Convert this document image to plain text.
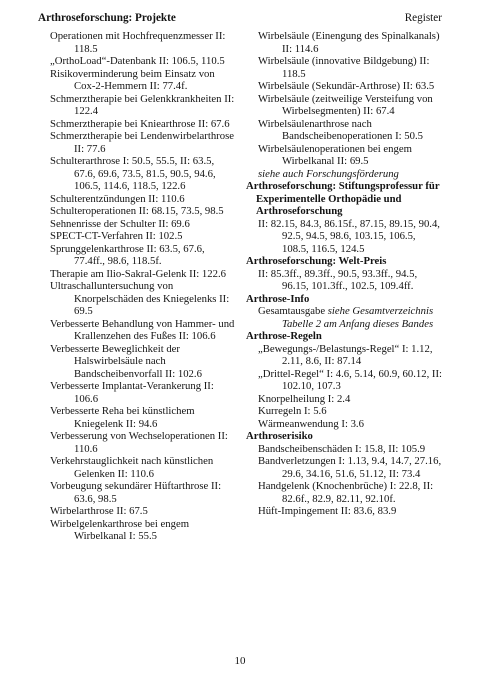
Arthroseforschung: Projekte	Register
Operationen mit Hochfrequenzmesser II: 118.5
„OrthoLoad“-Datenbank II: 106.5, 110.5
Risikoverminderung beim Einsatz von Cox-2-Hemmern II: 77.4f.
Schmerztherapie bei Gelenkkrankheiten II: 122.4
Schmerztherapie bei Kniearthrose II: 67.6
Schmerztherapie bei Lendenwirbelarthrose II: 77.6
Schulterarthrose I: 50.5, 55.5, II: 63.5, 67.6, 69.6, 73.5, 81.5, 90.5, 94.6, 106.5, 114.6, 118.5, 122.6
Schulterentzündungen II: 110.6
Schulteroperationen II: 68.15, 73.5, 98.5
Sehnenrisse der Schulter II: 69.6
SPECT-CT-Verfahren II: 102.5
Sprunggelenkarthrose II: 63.5, 67.6, 77.4ff., 98.6, 118.5f.
Therapie am Ilio-Sakral-Gelenk II: 122.6
Ultraschalluntersuchung von Knorpelschäden des Kniegelenks II: 69.5
Verbesserte Behandlung von Hammer- und Krallenzehen des Fußes II: 106.6
Verbesserte Beweglichkeit der Halswirbelsäule nach Bandscheibenvorfall II: 102.6
Verbesserte Implantat-Verankerung II: 106.6
Verbesserte Reha bei künstlichem Kniegelenk II: 94.6
Verbesserung von Wechseloperationen II: 110.6
Verkehrstauglichkeit nach künstlichen Gelenken II: 110.6
Vorbeugung sekundärer Hüftarthrose II: 63.6, 98.5
Wirbelarthrose II: 67.5
Wirbelgelenkarthrose bei engem Wirbelkanal I: 55.5
Wirbelsäule (Einengung des Spinalkanals) II: 114.6
Wirbelsäule (innovative Bildgebung) II: 118.5
Wirbelsäule (Sekundär-Arthrose) II: 63.5
Wirbelsäule (zeitweilige Versteifung von Wirbelsegmenten) II: 67.4
Wirbelsäulenarthrose nach Bandscheibenoperationen I: 50.5
Wirbelsäulenoperationen bei engem Wirbelkanal II: 69.5
siehe auch Forschungsförderung
Arthroseforschung: Stiftungsprofessur für Experimentelle Orthopädie und Arthroseforschung
II: 82.15, 84.3, 86.15f., 87.15, 89.15, 90.4, 92.5, 94.5, 98.6, 103.15, 106.5, 108.5, 116.5, 124.5
Arthroseforschung: Welt-Preis
II: 85.3ff., 89.3ff., 90.5, 93.3ff., 94.5, 96.15, 101.3ff., 102.5, 109.4ff.
Arthrose-Info
Gesamtausgabe siehe Gesamtverzeichnis Tabelle 2 am Anfang dieses Bandes
Arthrose-Regeln
„Bewegungs-/Belastungs-Regel“ I: 1.12, 2.11, 8.6, II: 87.14
„Drittel-Regel“ I: 4.6, 5.14, 60.9, 60.12, II: 102.10, 107.3
Knorpelheilung I: 2.4
Kurregeln I: 5.6
Wärmeanwendung I: 3.6
Arthroserisiko
Bandscheibenschäden I: 15.8, II: 105.9
Bandverletzungen I: 1.13, 9.4, 14.7, 27.16, 29.6, 34.16, 51.6, 51.12, II: 73.4
Handgelenk (Knochenbrüche) I: 22.8, II: 82.6f., 82.9, 82.11, 92.10f.
Hüft-Impingement II: 83.6, 83.9
10
